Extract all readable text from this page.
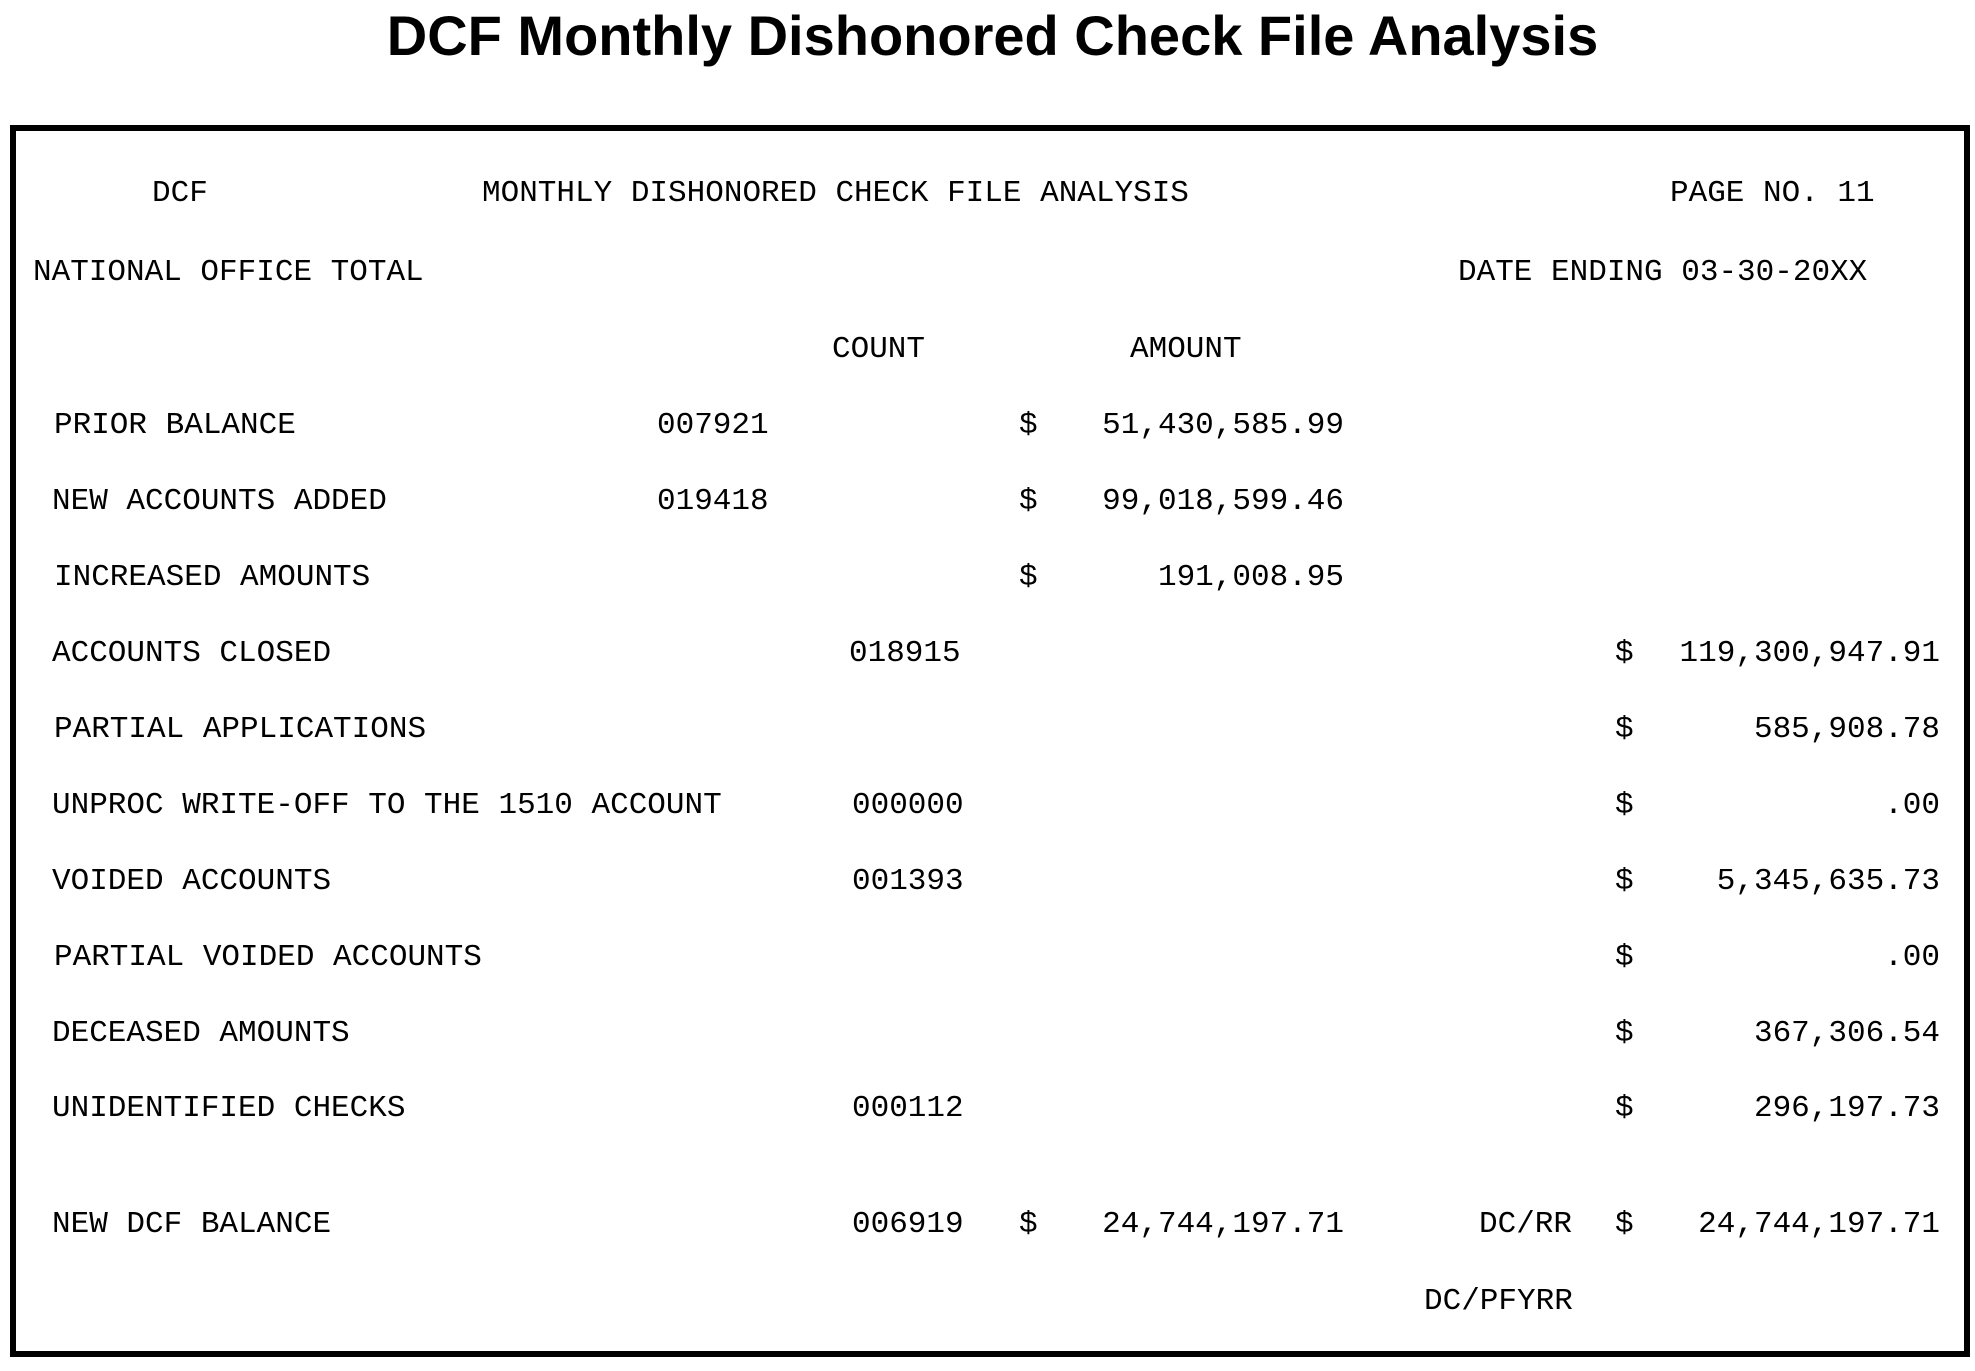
DCF Monthly Dishonored Check File Analysis
DCF	MONTHLY DISHONORED CHECK FILE ANALYSIS	PAGE NO. 11
NATIONAL OFFICE TOTAL	DATE ENDING 03-30-20XX
COUNT	AMOUNT
PRIOR BALANCE	007921	$	51,430,585.99
NEW ACCOUNTS ADDED	019418	$	99,018,599.46
INCREASED AMOUNTS	$	191,008.95
ACCOUNTS CLOSED	018915	$	119,300,947.91
PARTIAL APPLICATIONS	$	585,908.78
UNPROC WRITE-OFF TO THE 1510 ACCOUNT	000000	$	.00
VOIDED ACCOUNTS	001393	$	5,345,635.73
PARTIAL VOIDED ACCOUNTS	$	.00
DECEASED AMOUNTS	$	367,306.54
UNIDENTIFIED CHECKS	000112	$	296,197.73
NEW DCF BALANCE	006919 $	24,744,197.71	DC/RR $	24,744,197.71
DC/PFYRR
